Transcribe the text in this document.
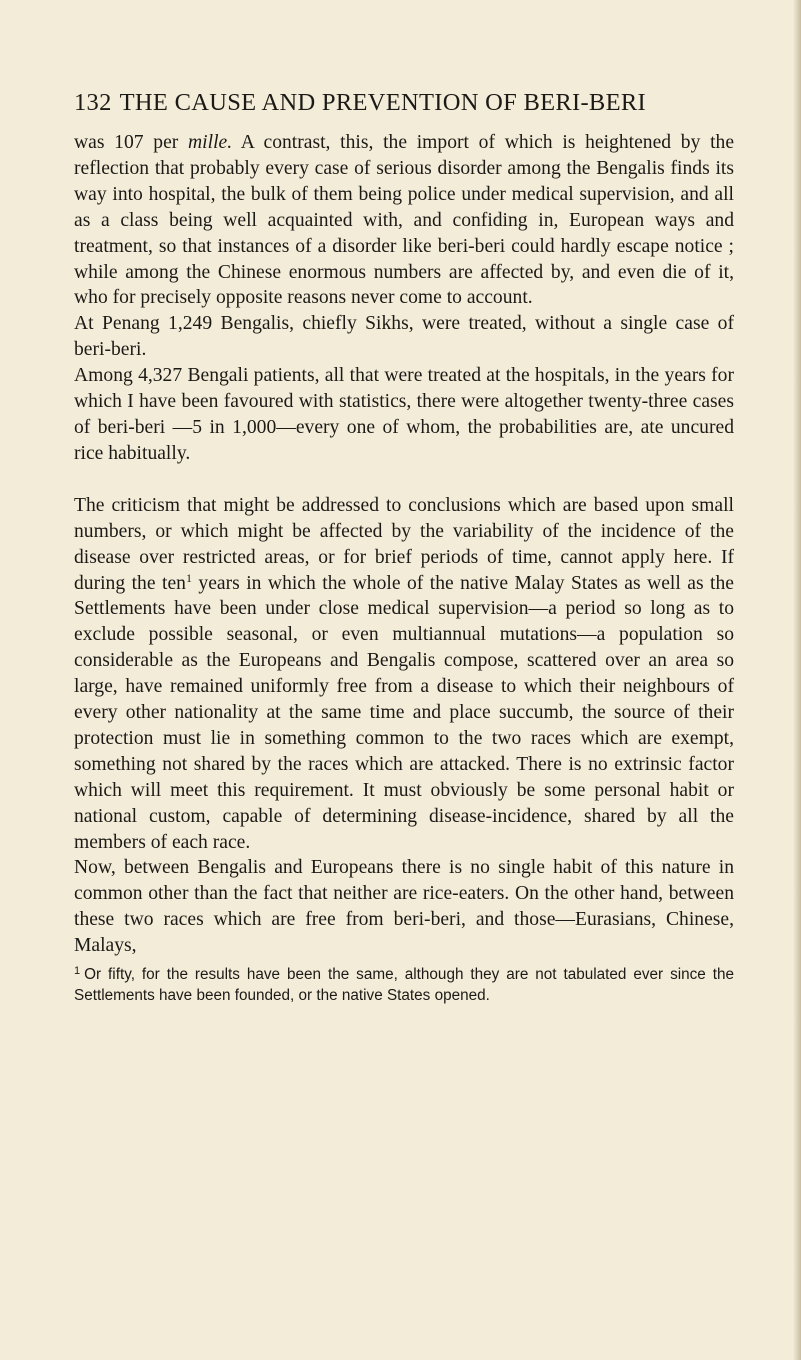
132 THE CAUSE AND PREVENTION OF BERI-BERI

was 107 per mille. A contrast, this, the import of which is heightened by the reflection that probably every case of serious disorder among the Bengalis finds its way into hospital, the bulk of them being police under medical supervision, and all as a class being well acquainted with, and confiding in, European ways and treatment, so that instances of a disorder like beri-beri could hardly escape notice ; while among the Chinese enormous numbers are affected by, and even die of it, who for precisely opposite reasons never come to account.

At Penang 1,249 Bengalis, chiefly Sikhs, were treated, without a single case of beri-beri.

Among 4,327 Bengali patients, all that were treated at the hospitals, in the years for which I have been favoured with statistics, there were altogether twenty-three cases of beri-beri —5 in 1,000—every one of whom, the probabilities are, ate uncured rice habitually.

The criticism that might be addressed to conclusions which are based upon small numbers, or which might be affected by the variability of the incidence of the disease over restricted areas, or for brief periods of time, cannot apply here. If during the ten$^1$ years in which the whole of the native Malay States as well as the Settlements have been under close medical supervision—a period so long as to exclude possible seasonal, or even multiannual mutations—a population so considerable as the Europeans and Bengalis compose, scattered over an area so large, have remained uniformly free from a disease to which their neighbours of every other nationality at the same time and place succumb, the source of their protection must lie in something common to the two races which are exempt, something not shared by the races which are attacked. There is no extrinsic factor which will meet this requirement. It must obviously be some personal habit or national custom, capable of determining disease-incidence, shared by all the members of each race.

Now, between Bengalis and Europeans there is no single habit of this nature in common other than the fact that neither are rice-eaters. On the other hand, between these two races which are free from beri-beri, and those—Eurasians, Chinese, Malays,

$^1$ Or fifty, for the results have been the same, although they are not tabulated ever since the Settlements have been founded, or the native States opened.
